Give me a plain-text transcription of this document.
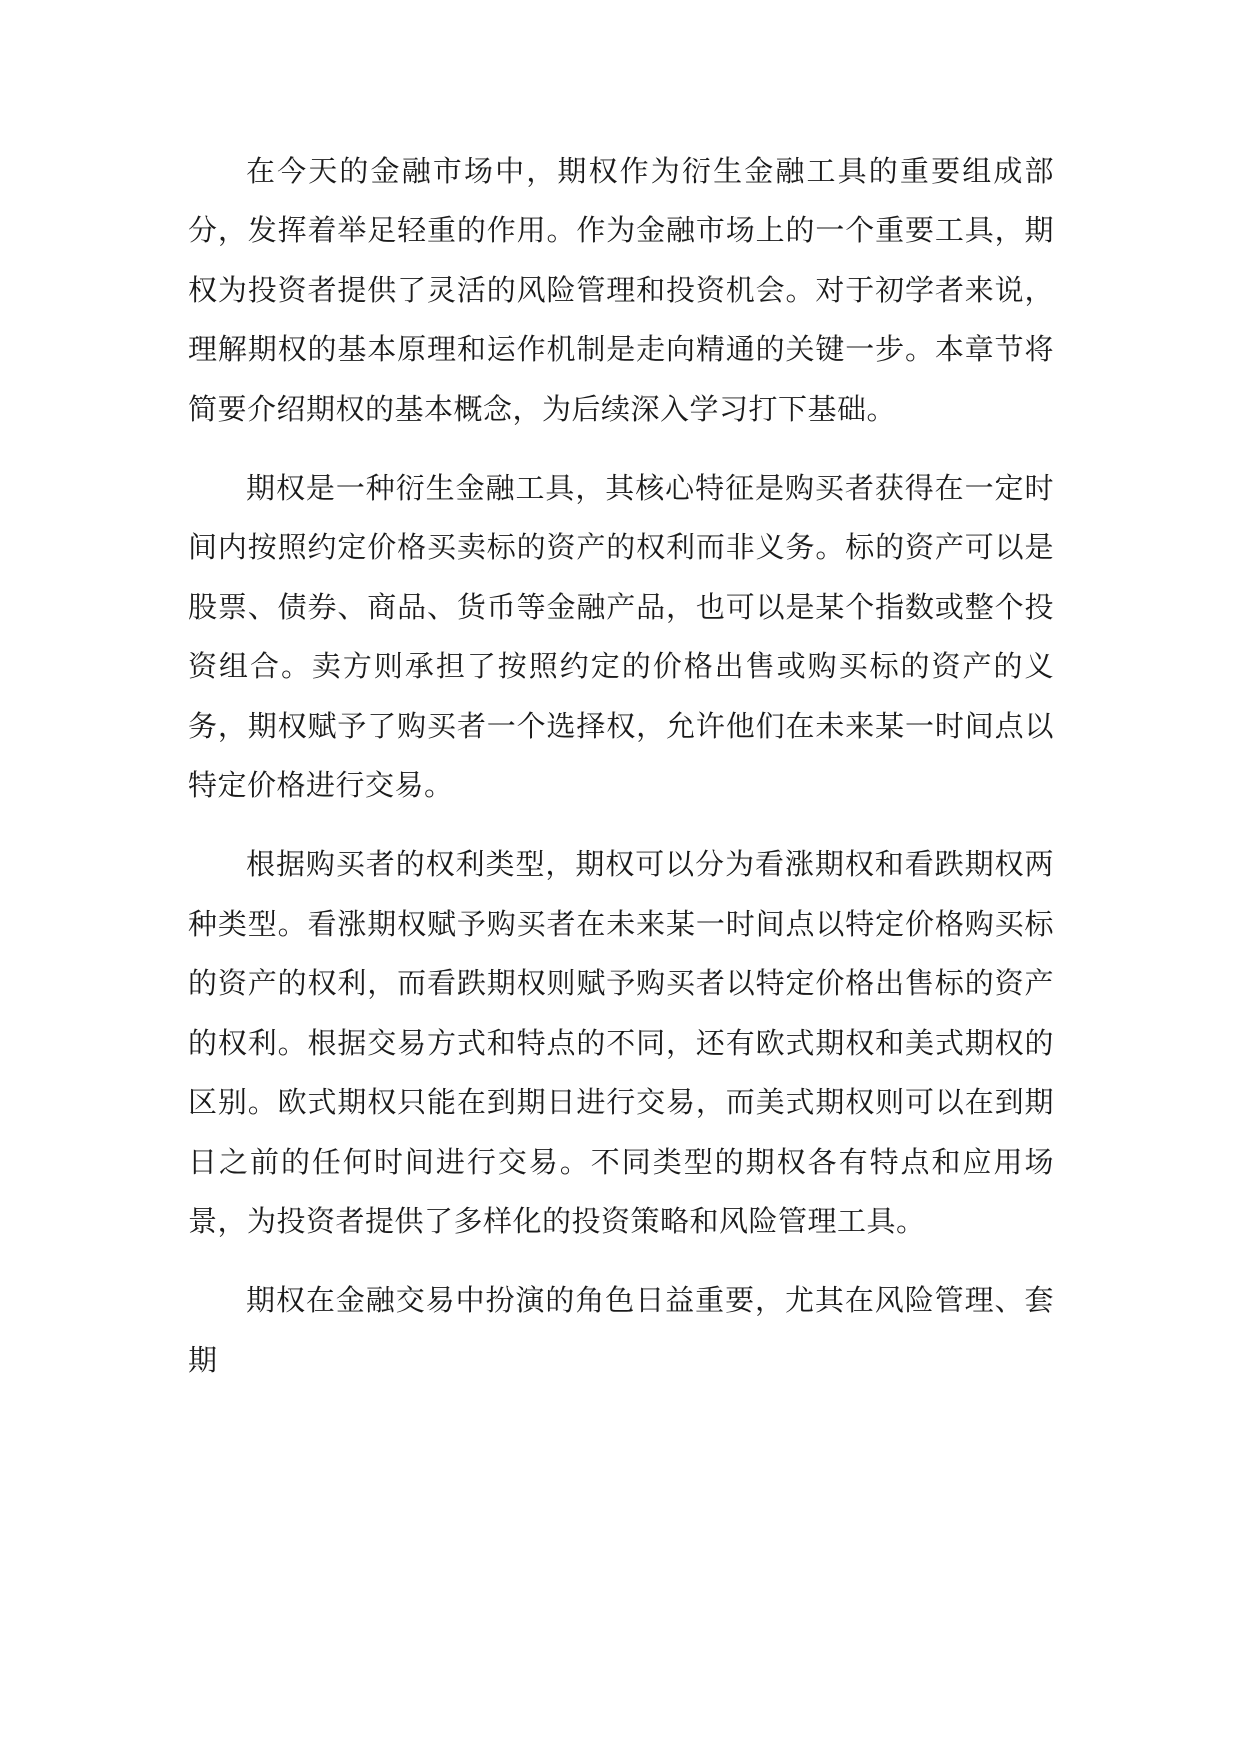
在今天的金融市场中，期权作为衍生金融工具的重要组成部分，发挥着举足轻重的作用。作为金融市场上的一个重要工具，期权为投资者提供了灵活的风险管理和投资机会。对于初学者来说，理解期权的基本原理和运作机制是走向精通的关键一步。本章节将简要介绍期权的基本概念，为后续深入学习打下基础。

期权是一种衍生金融工具，其核心特征是购买者获得在一定时间内按照约定价格买卖标的资产的权利而非义务。标的资产可以是股票、债券、商品、货币等金融产品，也可以是某个指数或整个投资组合。卖方则承担了按照约定的价格出售或购买标的资产的义务，期权赋予了购买者一个选择权，允许他们在未来某一时间点以特定价格进行交易。

根据购买者的权利类型，期权可以分为看涨期权和看跌期权两种类型。看涨期权赋予购买者在未来某一时间点以特定价格购买标的资产的权利，而看跌期权则赋予购买者以特定价格出售标的资产的权利。根据交易方式和特点的不同，还有欧式期权和美式期权的区别。欧式期权只能在到期日进行交易，而美式期权则可以在到期日之前的任何时间进行交易。不同类型的期权各有特点和应用场景，为投资者提供了多样化的投资策略和风险管理工具。

期权在金融交易中扮演的角色日益重要，尤其在风险管理、套期
